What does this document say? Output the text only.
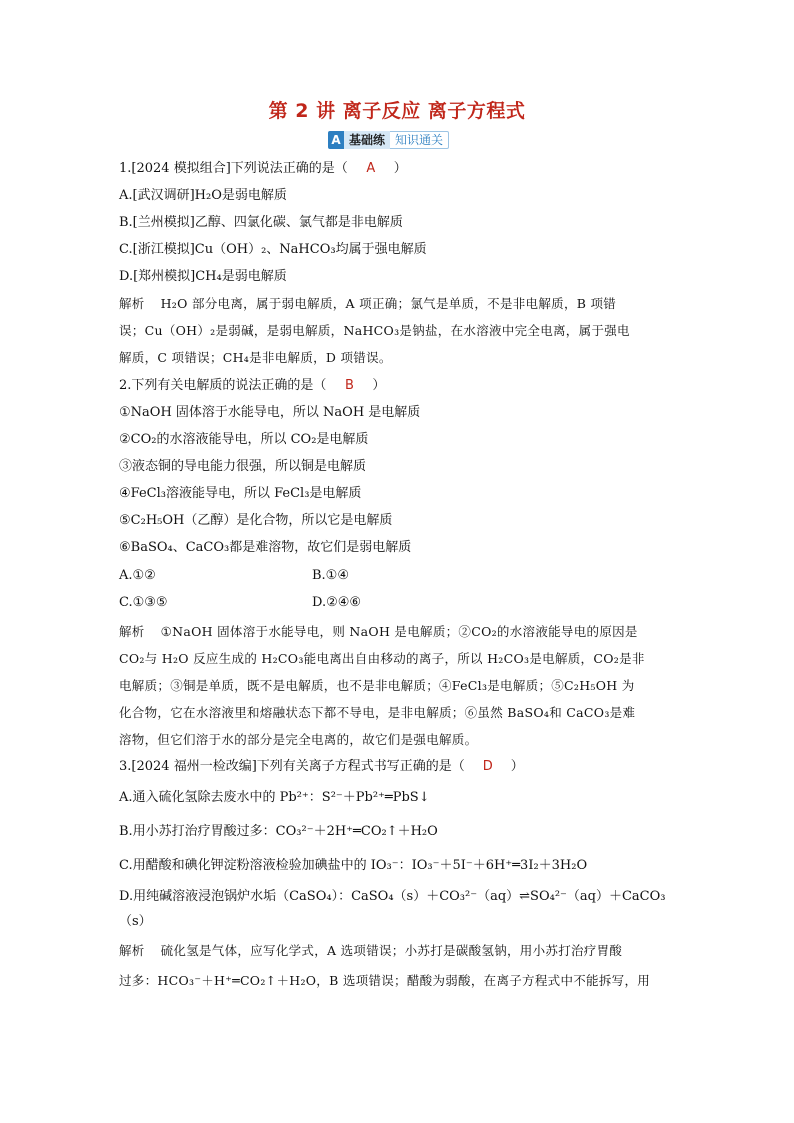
第 2 讲 离子反应 离子方程式
A 基础练 知识通关
1.[2024 模拟组合]下列说法正确的是（ A ）
A.[武汉调研]H₂O是弱电解质
B.[兰州模拟]乙醇、四氯化碳、氯气都是非电解质
C.[浙江模拟]Cu（OH）₂、NaHCO₃均属于强电解质
D.[郑州模拟]CH₄是弱电解质
解析 H₂O 部分电离，属于弱电解质，A 项正确；氯气是单质，不是非电解质，B 项错
误；Cu（OH）₂是弱碱，是弱电解质，NaHCO₃是钠盐，在水溶液中完全电离，属于强电
解质，C 项错误；CH₄是非电解质，D 项错误。
2.下列有关电解质的说法正确的是（ B ）
①NaOH 固体溶于水能导电，所以 NaOH 是电解质
②CO₂的水溶液能导电，所以 CO₂是电解质
③液态铜的导电能力很强，所以铜是电解质
④FeCl₃溶液能导电，所以 FeCl₃是电解质
⑤C₂H₅OH（乙醇）是化合物，所以它是电解质
⑥BaSO₄、CaCO₃都是难溶物，故它们是弱电解质
A.①②	B.①④
C.①③⑤	D.②④⑥
解析 ①NaOH 固体溶于水能导电，则 NaOH 是电解质；②CO₂的水溶液能导电的原因是
CO₂与 H₂O 反应生成的 H₂CO₃能电离出自由移动的离子，所以 H₂CO₃是电解质，CO₂是非
电解质；③铜是单质，既不是电解质，也不是非电解质；④FeCl₃是电解质；⑤C₂H₅OH 为
化合物，它在水溶液里和熔融状态下都不导电，是非电解质；⑥虽然 BaSO₄和 CaCO₃是难
溶物，但它们溶于水的部分是完全电离的，故它们是强电解质。
3.[2024 福州一检改编]下列有关离子方程式书写正确的是（ D ）
A.通入硫化氢除去废水中的 Pb²⁺：S²⁻＋Pb²⁺═PbS↓
B.用小苏打治疗胃酸过多：CO₃²⁻＋2H⁺═CO₂↑＋H₂O
C.用醋酸和碘化钾淀粉溶液检验加碘盐中的 IO₃⁻：IO₃⁻＋5I⁻＋6H⁺═3I₂＋3H₂O
D.用纯碱溶液浸泡锅炉水垢（CaSO₄）：CaSO₄（s）＋CO₃²⁻（aq）⇌SO₄²⁻（aq）＋CaCO₃
（s）
解析 硫化氢是气体，应写化学式，A 选项错误；小苏打是碳酸氢钠，用小苏打治疗胃酸
过多：HCO₃⁻＋H⁺═CO₂↑＋H₂O，B 选项错误；醋酸为弱酸，在离子方程式中不能拆写，用
